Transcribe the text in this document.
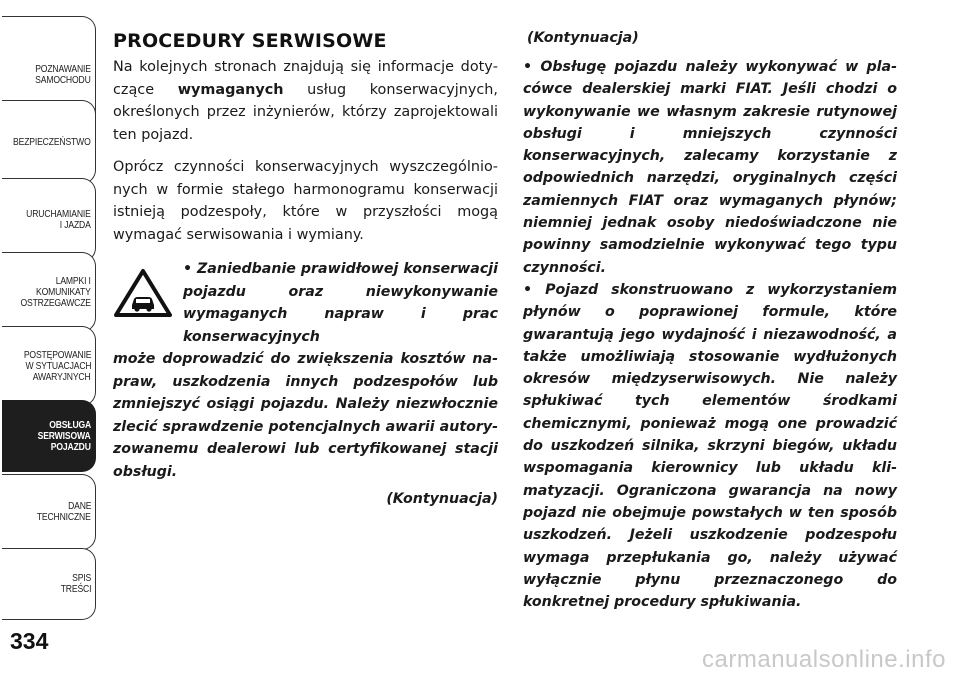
POZNAWANIE
SAMOCHODU
BEZPIECZEŃSTWO
URUCHAMIANIE
I JAZDA
LAMPKI I
KOMUNIKATY
OSTRZEGAWCZE
POSTĘPOWANIE
W SYTUACJACH
AWARYJNYCH
OBSŁUGA
SERWISOWA
POJAZDU
DANE
TECHNICZNE
SPIS
TREŚCI
334
PROCEDURY SERWISOWE

Na kolejnych stronach znajdują się informacje dotyczące wymaganych usług konserwacyjnych, określonych przez inżynierów, którzy zaprojektowali ten pojazd.

Oprócz czynności konserwacyjnych wyszczególnionych w formie stałego harmonogramu konserwacji istnieją podzespoły, które w przyszłości mogą wymagać serwisowania i wymiany.

• Zaniedbanie prawidłowej konserwacji pojazdu oraz niewykonywanie wymaganych napraw i prac konserwacyjnych
może doprowadzić do zwiększenia kosztów napraw, uszkodzenia innych podzespołów lub zmniejszyć osiągi pojazdu. Należy niezwłocznie zlecić sprawdzenie potencjalnych awarii autoryzowanemu dealerowi lub certyfikowanej stacji obsługi.
(Kontynuacja)
(Kontynuacja)

• Obsługę pojazdu należy wykonywać w placówce dealerskiej marki FIAT. Jeśli chodzi o wykonywanie we własnym zakresie rutynowej obsługi i mniejszych czynności konserwacyjnych, zalecamy korzystanie z odpowiednich narzędzi, oryginalnych części zamiennych FIAT oraz wymaganych płynów; niemniej jednak osoby niedoświadczone nie powinny samodzielnie wykonywać tego typu czynności.

• Pojazd skonstruowano z wykorzystaniem płynów o poprawionej formule, które gwarantują jego wydajność i niezawodność, a także umożliwiają stosowanie wydłużonych okresów międzyserwisowych. Nie należy spłukiwać tych elementów środkami chemicznymi, ponieważ mogą one prowadzić do uszkodzeń silnika, skrzyni biegów, układu wspomagania kierownicy lub układu klimatyzacji. Ograniczona gwarancja na nowy pojazd nie obejmuje powstałych w ten sposób uszkodzeń. Jeżeli uszkodzenie podzespołu wymaga przepłukania go, należy używać wyłącznie płynu przeznaczonego do konkretnej procedury spłukiwania.

carmanualsonline.info
